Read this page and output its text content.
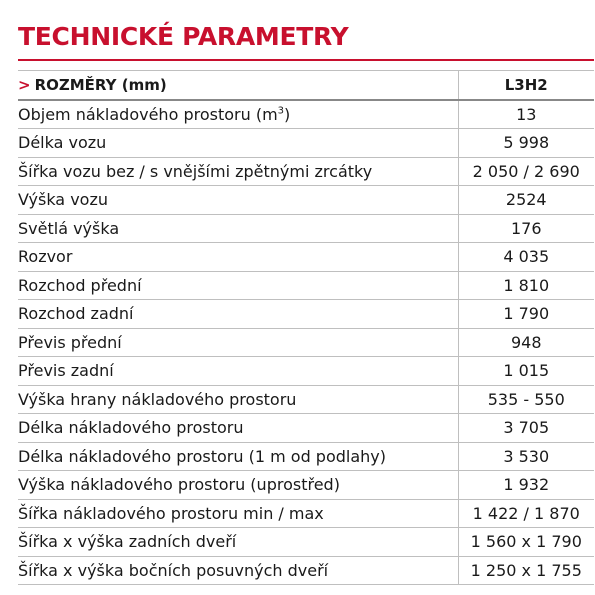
TECHNICKÉ PARAMETRY
> ROZMĚRY (mm)	L3H2
Objem nákladového prostoru $(m^3)$	13
Délka vozu	5 998
Šířka vozu bez / s vnějšími zpětnými zrcátky	2 050 / 2 690
Výška vozu	2524
Světlá výška	176
Rozvor	4 035
Rozchod přední	1 810
Rozchod zadní	1 790
Převis přední	948
Převis zadní	1 015
Výška hrany nákladového prostoru	535 - 550
Délka nákladového prostoru	3 705
Délka nákladového prostoru (1 m od podlahy)	3 530
Výška nákladového prostoru (uprostřed)	1 932
Šířka nákladového prostoru min / max	1 422 / 1 870
Šířka x výška zadních dveří	1 560 x 1 790
Šířka x výška bočních posuvných dveří	1 250 x 1 755
